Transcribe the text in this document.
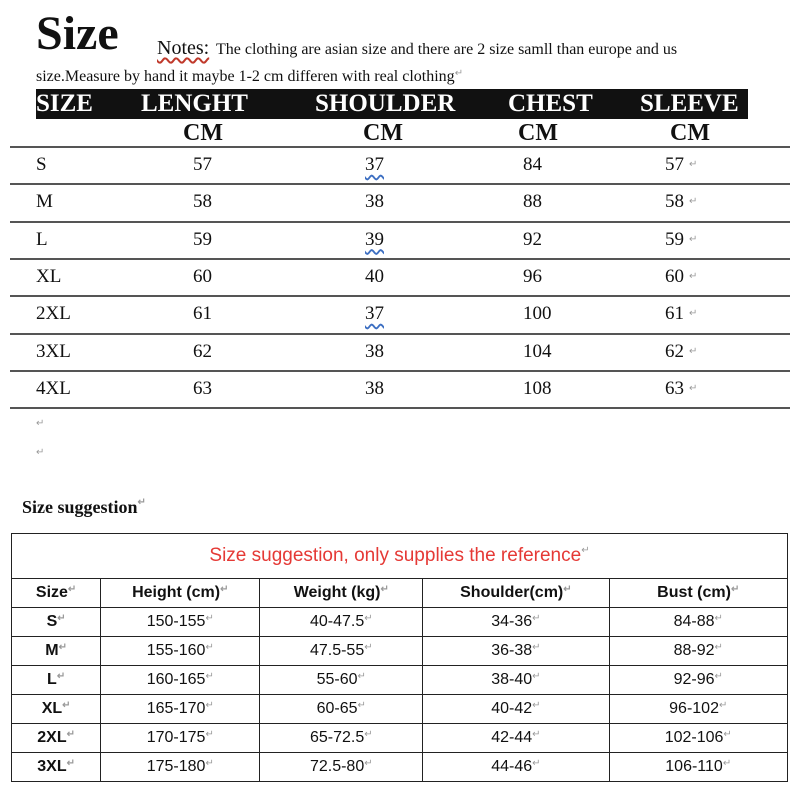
Size Notes: The clothing are asian size and there are 2 size samll than europe and us
size.Measure by hand it maybe 1-2 cm differen with real clothing↵
SIZE LENGHT	SHOULDER CHEST SLEEVE
CM	CM	CM	CM
S	57	37	84	57 ↵
M	58	38	88	58 ↵
L	59	39	92	59 ↵
XL	60	40	96	60 ↵
2XL	61	37	100	61 ↵
3XL	62	38	104	62 ↵
4XL	63	38	108	63 ↵
↵
↵
Size suggestion↵
Size suggestion, only supplies the reference↵
Size↵	Height (cm)↵	Weight (kg)↵	Shoulder(cm)↵	Bust (cm)↵
S↵	150-155↵	40-47.5↵	34-36↵	84-88↵
M↵	155-160↵	47.5-55↵	36-38↵	88-92↵
L↵	160-165↵	55-60↵	38-40↵	92-96↵
XL↵	165-170↵	60-65↵	40-42↵	96-102↵
2XL↵	170-175↵	65-72.5↵	42-44↵	102-106↵
3XL↵	175-180↵	72.5-80↵	44-46↵	106-110↵
